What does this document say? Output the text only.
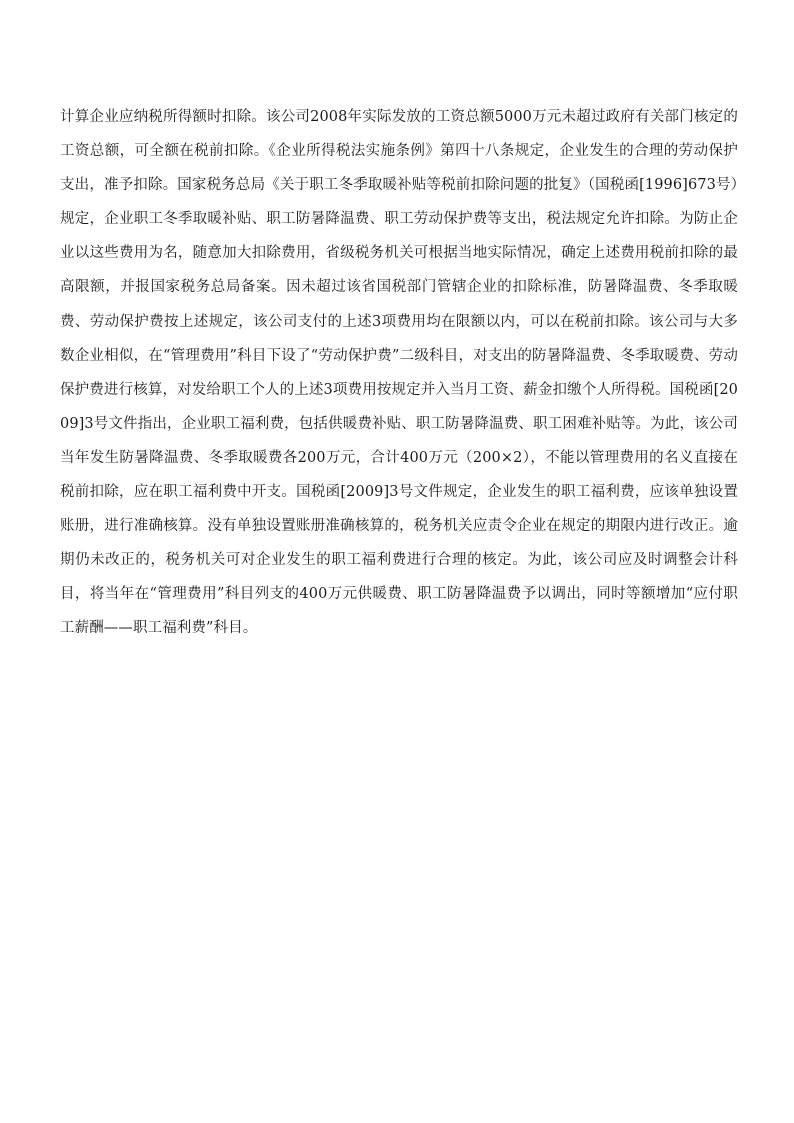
计算企业应纳税所得额时扣除。该公司2008年实际发放的工资总额5000万元未超过政府有关部门核定的工资总额，可全额在税前扣除。《企业所得税法实施条例》第四十八条规定，企业发生的合理的劳动保护支出，准予扣除。国家税务总局《关于职工冬季取暖补贴等税前扣除问题的批复》（国税函[1996]673号）规定，企业职工冬季取暖补贴、职工防暑降温费、职工劳动保护费等支出，税法规定允许扣除。为防止企业以这些费用为名，随意加大扣除费用，省级税务机关可根据当地实际情况，确定上述费用税前扣除的最高限额，并报国家税务总局备案。因未超过该省国税部门管辖企业的扣除标准，防暑降温费、冬季取暖费、劳动保护费按上述规定，该公司支付的上述3项费用均在限额以内，可以在税前扣除。该公司与大多数企业相似，在“管理费用”科目下设了“劳动保护费”二级科目，对支出的防暑降温费、冬季取暖费、劳动保护费进行核算，对发给职工个人的上述3项费用按规定并入当月工资、薪金扣缴个人所得税。国税函[2009]3号文件指出，企业职工福利费，包括供暖费补贴、职工防暑降温费、职工困难补贴等。为此，该公司当年发生防暑降温费、冬季取暖费各200万元，合计400万元（200×2），不能以管理费用的名义直接在税前扣除，应在职工福利费中开支。国税函[2009]3号文件规定，企业发生的职工福利费，应该单独设置账册，进行准确核算。没有单独设置账册准确核算的，税务机关应责令企业在规定的期限内进行改正。逾期仍未改正的，税务机关可对企业发生的职工福利费进行合理的核定。为此，该公司应及时调整会计科目，将当年在“管理费用”科目列支的400万元供暖费、职工防暑降温费予以调出，同时等额增加“应付职工薪酬——职工福利费”科目。
